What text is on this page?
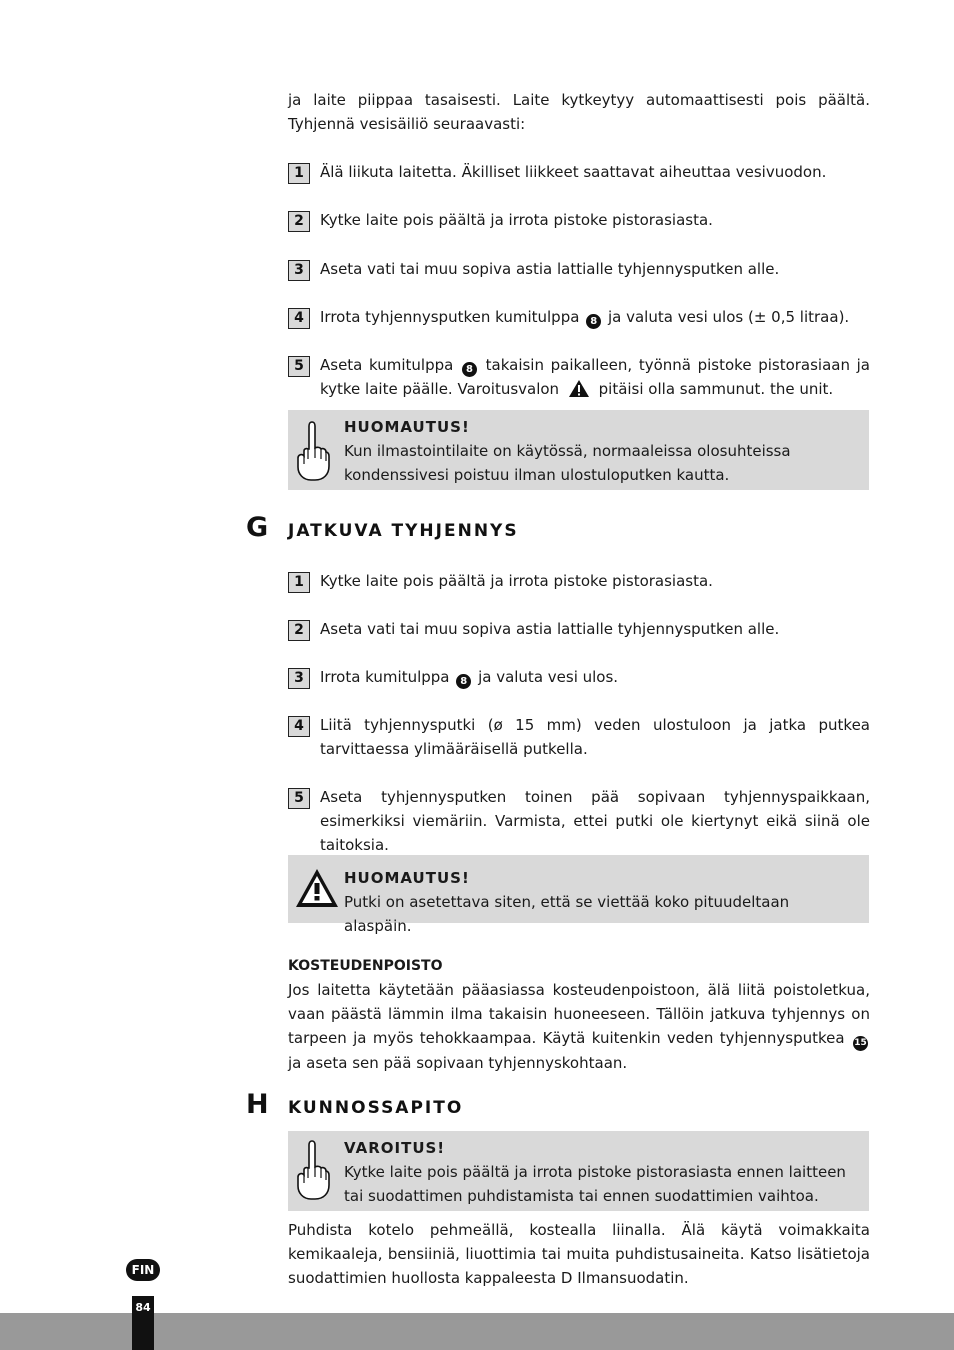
ja laite piippaa tasaisesti. Laite kytkeytyy automaattisesti pois päältä. Tyhjennä vesisäiliö seuraavasti:

1	Älä liikuta laitetta. Äkilliset liikkeet saattavat aiheuttaa vesivuodon.
2	Kytke laite pois päältä ja irrota pistoke pistorasiasta.
3	Aseta vati tai muu sopiva astia lattialle tyhjennysputken alle.
4	Irrota tyhjennysputken kumitulppa 8 ja valuta vesi ulos (± 0,5 litraa).
5	Aseta kumitulppa 8 takaisin paikalleen, työnnä pistoke pistorasiaan ja kytke laite päälle. Varoitusvalon	pitäisi olla sammunut. the unit.
HUOMAUTUS!
Kun ilmastointilaite on käytössä, normaaleissa olosuhteissa kondenssivesi poistuu ilman ulostuloputken kautta.
G JATKUVA TYHJENNYS
1	Kytke laite pois päältä ja irrota pistoke pistorasiasta.
2	Aseta vati tai muu sopiva astia lattialle tyhjennysputken alle.
3	Irrota kumitulppa 8 ja valuta vesi ulos.
4	Liitä tyhjennysputki (ø 15 mm) veden ulostuloon ja jatka putkea tarvittaessa ylimääräisellä putkella.
5	Aseta tyhjennysputken toinen pää sopivaan tyhjennyspaikkaan, esimerkiksi viemäriin. Varmista, ettei putki ole kiertynyt eikä siinä ole taitoksia.
HUOMAUTUS!
Putki on asetettava siten, että se viettää koko pituudeltaan alaspäin.
KOSTEUDENPOISTO

Jos laitetta käytetään pääasiassa kosteudenpoistoon, älä liitä poistoletkua, vaan päästä lämmin ilma takaisin huoneeseen. Tällöin jatkuva tyhjennys on tarpeen ja myös tehokkaampaa. Käytä kuitenkin veden tyhjennysputkea 15 ja aseta sen pää sopivaan tyhjennyskohtaan.

H KUNNOSSAPITO
VAROITUS!
Kytke laite pois päältä ja irrota pistoke pistorasiasta ennen laitteen tai suodattimen puhdistamista tai ennen suodattimien vaihtoa.

Puhdista kotelo pehmeällä, kostealla liinalla. Älä käytä voimakkaita kemikaaleja, bensiiniä, liuottimia tai muita puhdistusaineita. Katso lisätietoja suodattimien huollosta kappaleesta D Ilmansuodatin.

FIN
84
